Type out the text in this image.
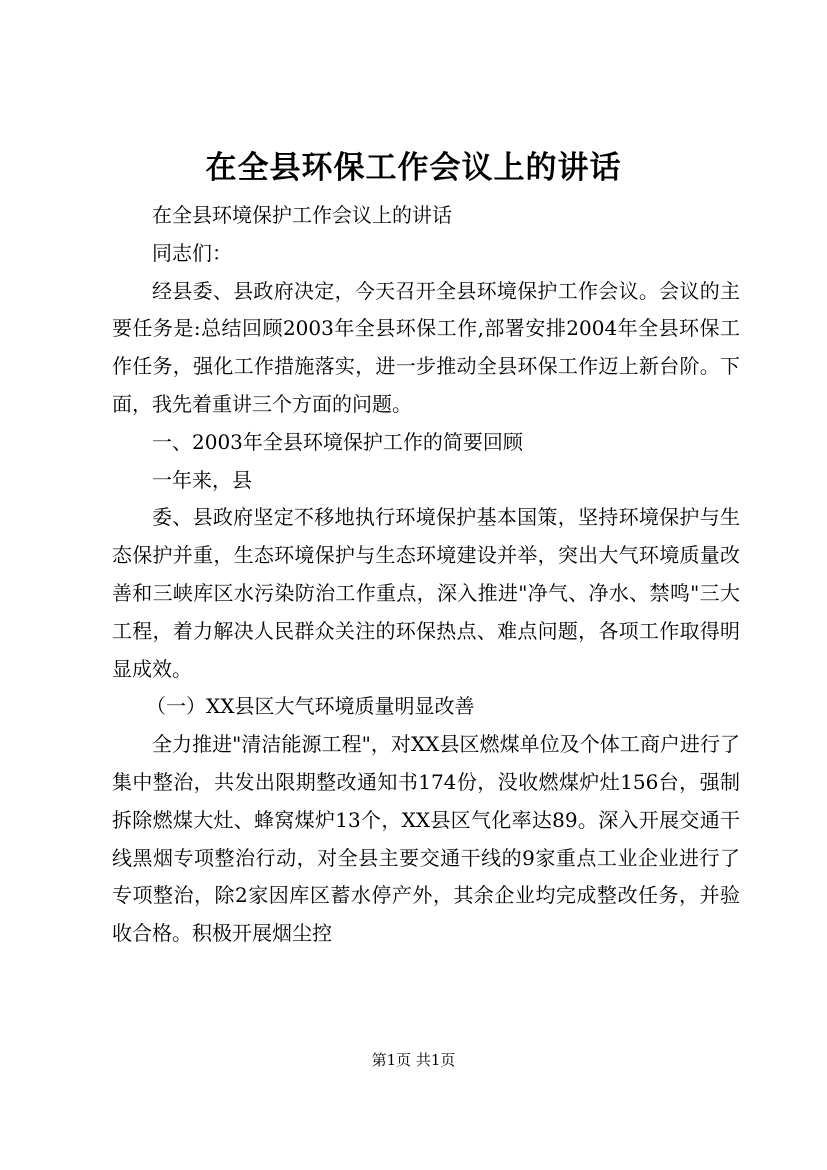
在全县环保工作会议上的讲话

在全县环境保护工作会议上的讲话

同志们：

经县委、县政府决定，今天召开全县环境保护工作会议。会议的主要任务是:总结回顾2003年全县环保工作,部署安排2004年全县环保工作任务，强化工作措施落实，进一步推动全县环保工作迈上新台阶。下面，我先着重讲三个方面的问题。

一、2003年全县环境保护工作的简要回顾

一年来，县

委、县政府坚定不移地执行环境保护基本国策，坚持环境保护与生态保护并重，生态环境保护与生态环境建设并举，突出大气环境质量改善和三峡库区水污染防治工作重点，深入推进"净气、净水、禁鸣"三大工程，着力解决人民群众关注的环保热点、难点问题，各项工作取得明显成效。

（一）XX县区大气环境质量明显改善

全力推进"清洁能源工程"，对XX县区燃煤单位及个体工商户进行了集中整治，共发出限期整改通知书174份，没收燃煤炉灶156台，强制拆除燃煤大灶、蜂窝煤炉13个，XX县区气化率达89。深入开展交通干线黑烟专项整治行动，对全县主要交通干线的9家重点工业企业进行了专项整治，除2家因库区蓄水停产外，其余企业均完成整改任务，并验收合格。积极开展烟尘控

第1页 共1页
